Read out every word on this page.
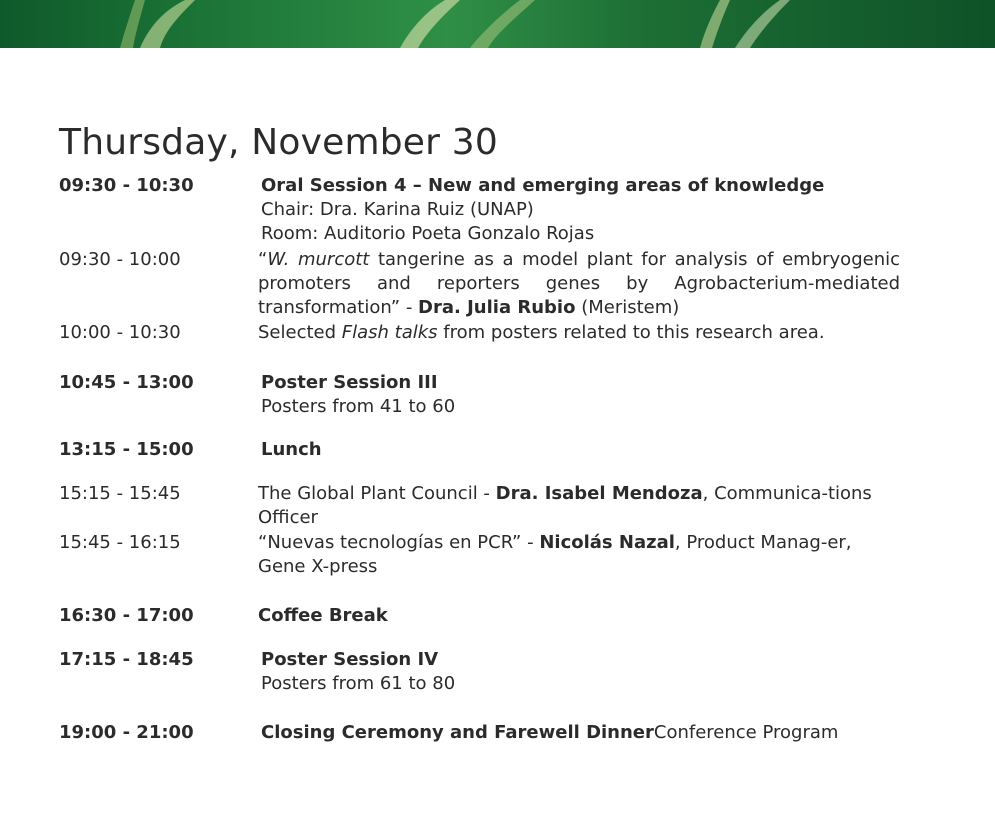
Thursday, November 30
09:30 - 10:30	Oral Session 4 – New and emerging areas of knowledge
Chair: Dra. Karina Ruiz (UNAP)
Room: Auditorio Poeta Gonzalo Rojas
09:30 - 10:00	“W. murcott tangerine as a model plant for analysis of embryogenic promoters and reporters genes by Agrobacterium-mediated transformation” - Dra. Julia Rubio (Meristem)
10:00 - 10:30	Selected Flash talks from posters related to this research area.
10:45 - 13:00	Poster Session III
Posters from 41 to 60
13:15 - 15:00	Lunch
15:15 - 15:45	The Global Plant Council - Dra. Isabel Mendoza, Communica-tions Officer
15:45 - 16:15	“Nuevas tecnologías en PCR” - Nicolás Nazal, Product Manag-er, Gene X-press
16:30 - 17:00	Coffee Break
17:15 - 18:45	Poster Session IV
Posters from 61 to 80
19:00 - 21:00	Closing Ceremony and Farewell DinnerConference Program
